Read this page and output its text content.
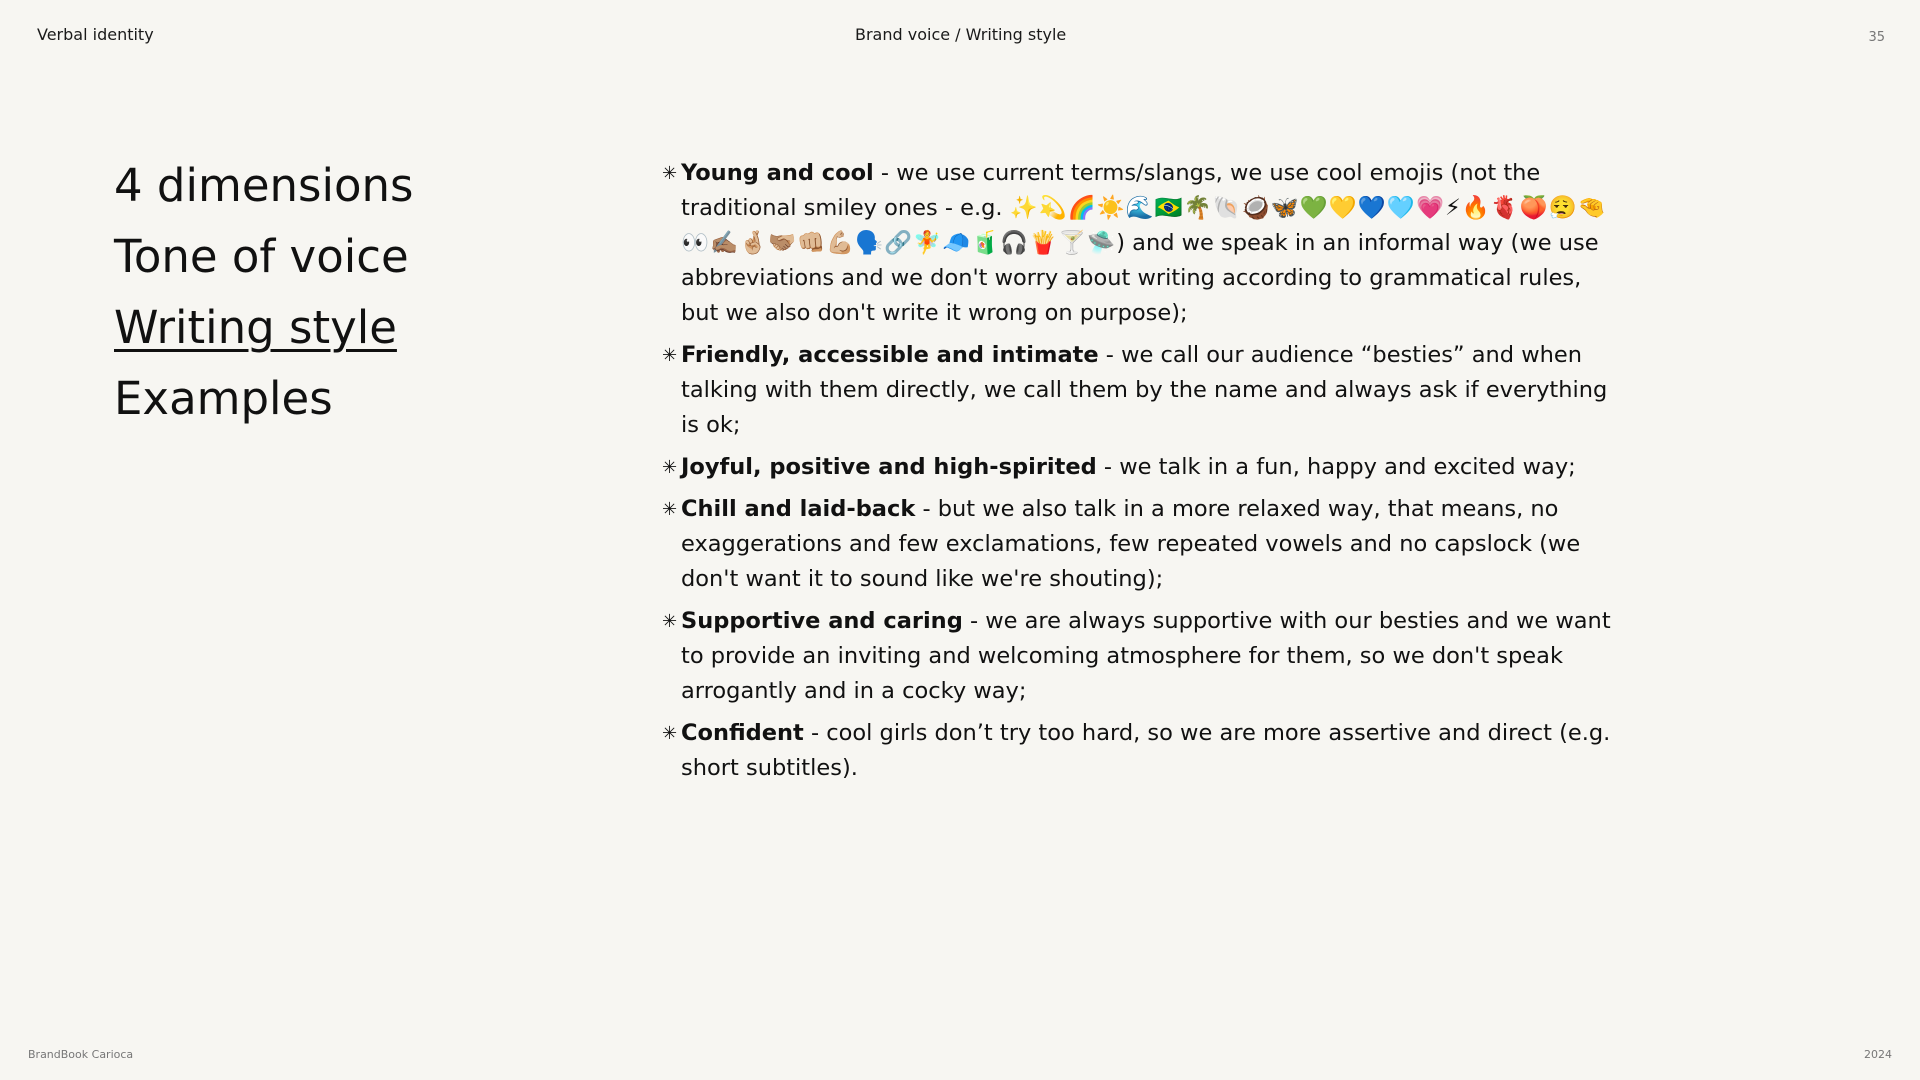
Verbal identity	Brand voice / Writing style	35
4 dimensions
Tone of voice
Writing style
Examples
✳ Young and cool - we use current terms/slangs, we use cool emojis (not the traditional smiley ones - e.g. ✨💫🌈☀️🌊🇧🇷🌴🐚🥥🦋💚💛💙🩵💗⚡🔥🫀🍑😮‍💨🤏👀✍🏽🤞🏼🫱🏽‍🫲🏼👊🏼💪🏼🗣️🔗🧚🧢🧃🎧🍟🍸🛸) and we speak in an informal way (we use abbreviations and we don't worry about writing according to grammatical rules, but we also don't write it wrong on purpose);
✳ Friendly, accessible and intimate - we call our audience “besties” and when talking with them directly, we call them by the name and always ask if everything is ok;
✳ Joyful, positive and high-spirited - we talk in a fun, happy and excited way;
✳ Chill and laid-back - but we also talk in a more relaxed way, that means, no exaggerations and few exclamations, few repeated vowels and no capslock (we don't want it to sound like we're shouting);
✳ Supportive and caring - we are always supportive with our besties and we want to provide an inviting and welcoming atmosphere for them, so we don't speak arrogantly and in a cocky way;
✳ Confident - cool girls don’t try too hard, so we are more assertive and direct (e.g. short subtitles).
BrandBook Carioca	2024
